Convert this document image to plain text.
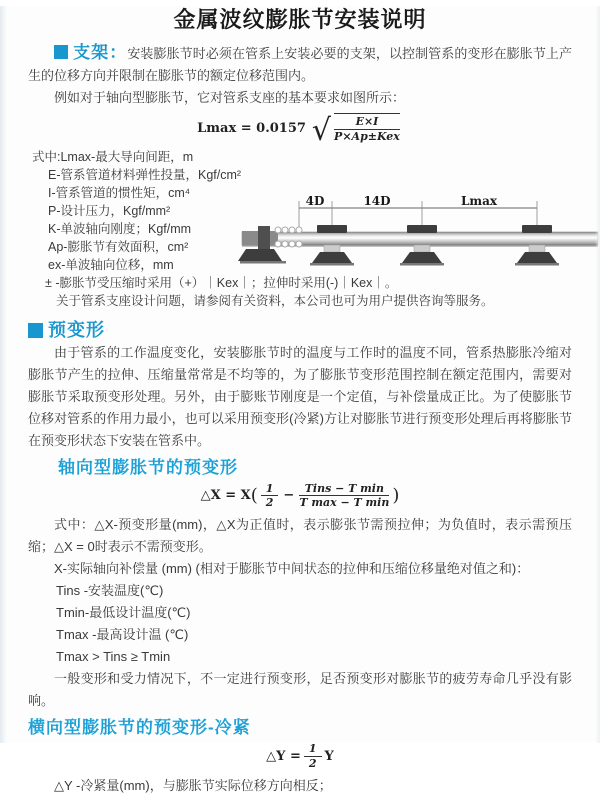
金属波纹膨胀节安装说明

支架：安装膨胀节时必须在管系上安装必要的支架，以控制管系的变形在膨胀节上产生的位移方向并限制在膨胀节的额定位移范围内。

例如对于轴向型膨胀节，它对管系支座的基本要求如图所示：

Lmax = 0.0157 √ $\frac{E\times I}{\text{P×Ap±Kex}}$
式中:Lmax-最大导向间距，m
E-管系管道材料弹性投量，Kgf/cm²
I-管系管道的惯性矩，cm⁴
P-设计压力，Kgf/mm²
K-单波轴向刚度；Kgf/mm
Ap-膨胀节有效面积，cm²
ex-单波轴向位移，mm
± -膨胀节受压缩时采用（+）｜Kex｜；拉伸时采用(-)｜Kex｜。
关于管系支座设计问题，请参阅有关资料，本公司也可为用户提供咨询等服务。
4D	14D	Lmax
预变形

由于管系的工作温度变化，安装膨胀节时的温度与工作时的温度不同，管系热膨胀冷缩对膨胀节产生的拉伸、压缩量常常是不均等的，为了膨胀节变形范围控制在额定范围内，需要对膨胀节采取预变形处理。另外，由于膨账节刚度是一个定值，与补偿量成正比。为了使膨胀节位移对管系的作用力最小，也可以采用预变形(冷紧)方让对膨胀节进行预变形处理后再将膨胀节在预变形状态下安装在管系中。

轴向型膨胀节的预变形
△X = X ( $\frac{1}{2} - \frac{\text{Tins − T min}}{\text{T max − T min}}$ )

式中：△X-预变形量(mm)，△X为正值时，表示膨张节需预拉伸；为负值时，表示需预压缩；△X = 0时表示不需预变形。

X-实际轴向补偿量 (mm) (相对于膨胀节中间状态的拉伸和压缩位移量绝对值之和)：

Tins -安装温度(℃)
Tmin-最低设计温度(℃)
Tmax -最高设计温 (℃)
Tmax > Tins ≥ Tmin

一般变形和受力情况下，不一定进行预变形，足否预变形对膨胀节的疲劳寿命几乎没有影响。

横向型膨胀节的预变形-冷紧
△Y = $\frac{1}{2}$ Y

△Y -冷紧量(mm)，与膨胀节实际位移方向相反；
